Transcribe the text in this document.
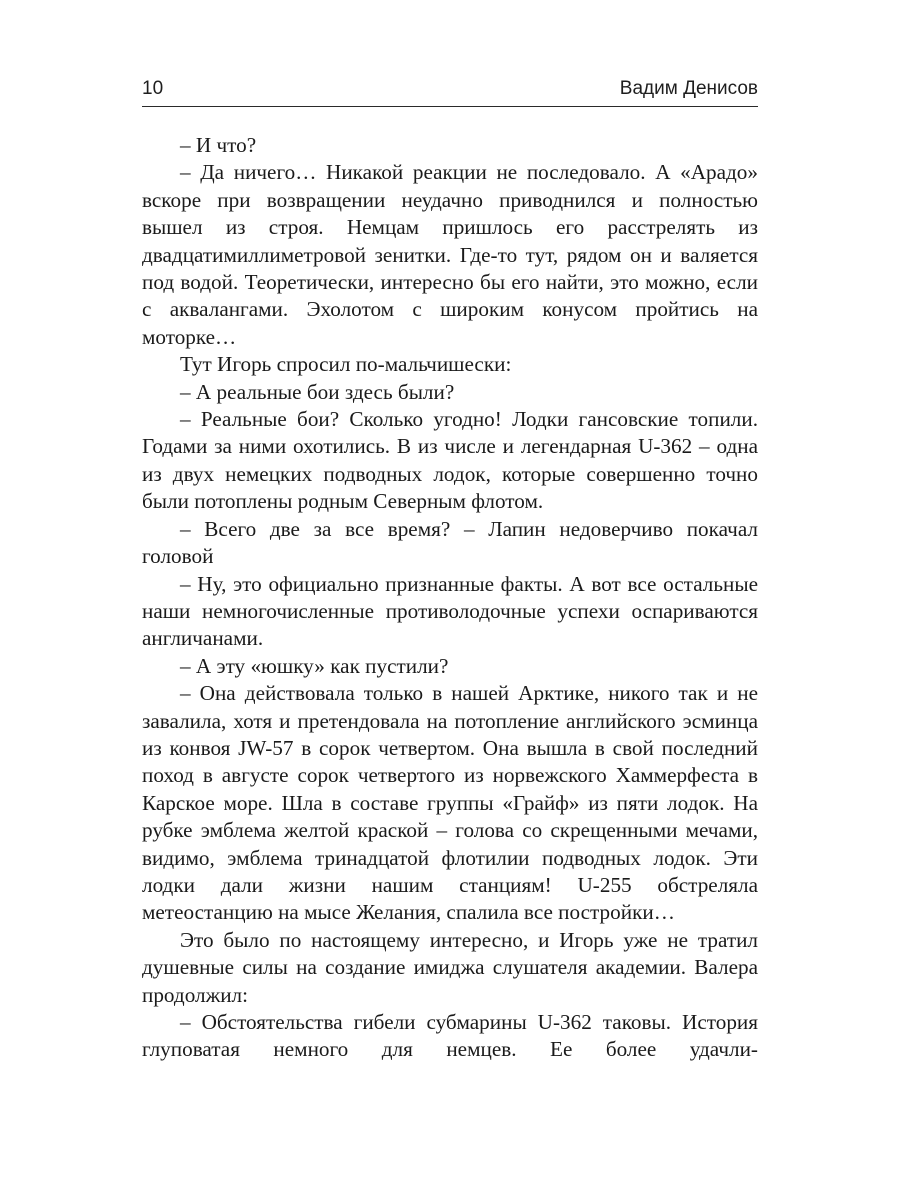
10	Вадим Денисов

– И что?

– Да ничего… Никакой реакции не последовало. А «Арадо» вскоре при возвращении неудачно приводнился и полностью вышел из строя. Немцам пришлось его расстрелять из двадцатимиллиметровой зенитки. Где-то тут, рядом он и валяется под водой. Теоретически, интересно бы его найти, это можно, если с аквалангами. Эхолотом с широким конусом пройтись на моторке…

Тут Игорь спросил по-мальчишески:

– А реальные бои здесь были?

– Реальные бои? Сколько угодно! Лодки гансовские топили. Годами за ними охотились. В из числе и легендарная U-362 – одна из двух немецких подводных лодок, которые совершенно точно были потоплены родным Северным флотом.

– Всего две за все время? – Лапин недоверчиво покачал головой

– Ну, это официально признанные факты. А вот все остальные наши немногочисленные противолодочные успехи оспариваются англичанами.

– А эту «юшку» как пустили?

– Она действовала только в нашей Арктике, никого так и не завалила, хотя и претендовала на потопление английского эсминца из конвоя JW-57 в сорок четвертом. Она вышла в свой последний поход в августе сорок четвертого из норвежского Хаммерфеста в Карское море. Шла в составе группы «Грайф» из пяти лодок. На рубке эмблема желтой краской – голова со скрещенными мечами, видимо, эмблема тринадцатой флотилии подводных лодок. Эти лодки дали жизни нашим станциям! U-255 обстреляла метеостанцию на мысе Желания, спалила все постройки…

Это было по настоящему интересно, и Игорь уже не тратил душевные силы на создание имиджа слушателя академии. Валера продолжил:

– Обстоятельства гибели субмарины U-362 таковы. История глуповатая немного для немцев. Ее более удачли-
